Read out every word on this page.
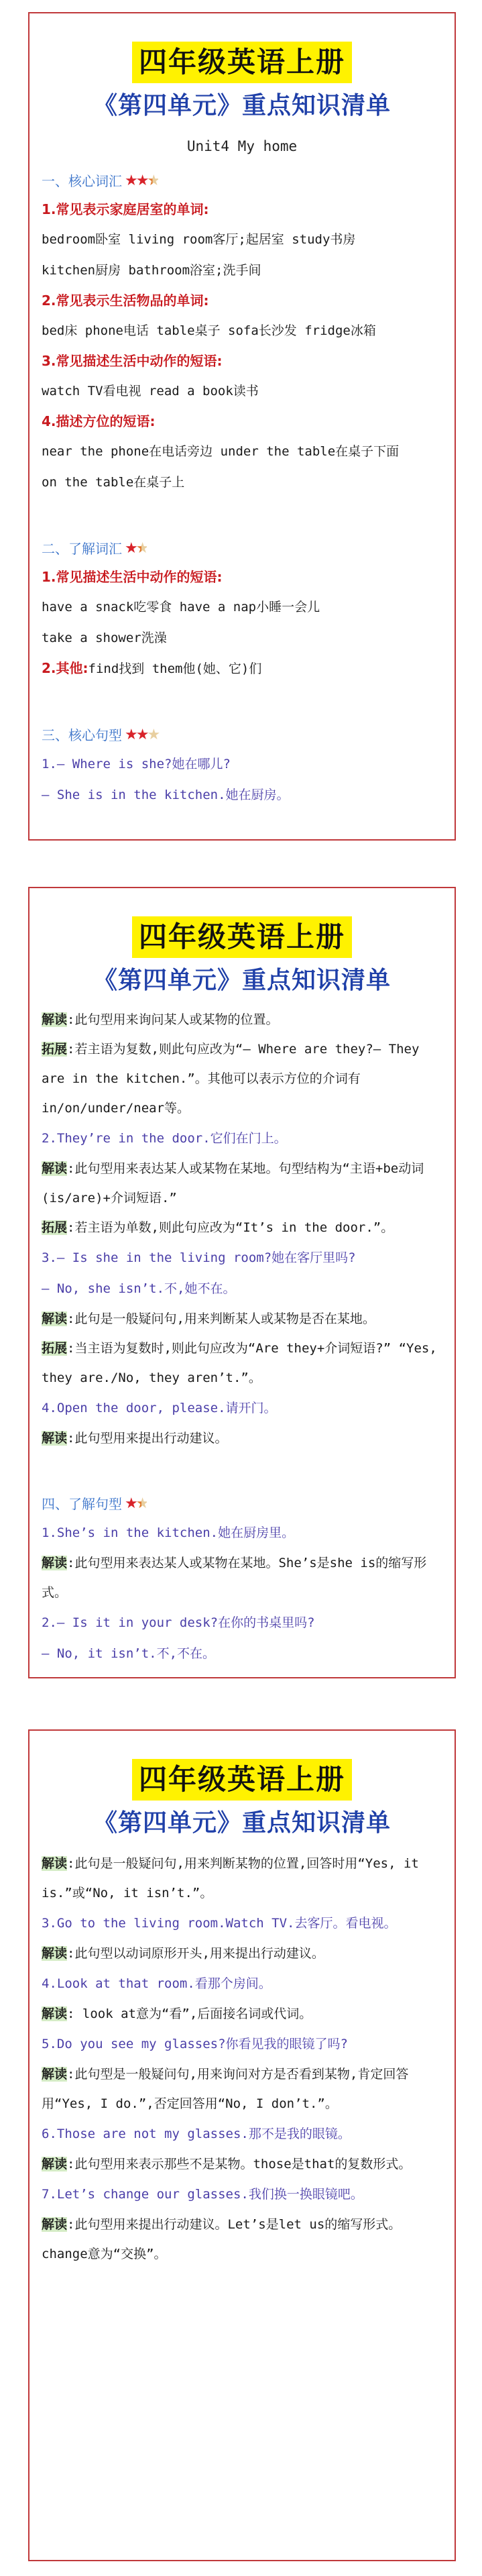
四年级英语上册
《第四单元》重点知识清单
Unit4 My home
一、核心词汇 ★★★
1.常见表示家庭居室的单词:
bedroom卧室 living room客厅;起居室 study书房
kitchen厨房 bathroom浴室;洗手间
2.常见表示生活物品的单词:
bed床 phone电话 table桌子 sofa长沙发 fridge冰箱
3.常见描述生活中动作的短语:
watch TV看电视 read a book读书
4.描述方位的短语:
near the phone在电话旁边 under the table在桌子下面
on the table在桌子上
二、了解词汇 ★★
1.常见描述生活中动作的短语:
have a snack吃零食 have a nap小睡一会儿
take a shower洗澡
2.其他:find找到 them他(她、它)们
三、核心句型 ★★★
1.— Where is she?她在哪儿?
— She is in the kitchen.她在厨房。
四年级英语上册
《第四单元》重点知识清单
解读:此句型用来询问某人或某物的位置。
拓展:若主语为复数,则此句应改为“— Where are they?— They are in the kitchen.”。其他可以表示方位的介词有in/on/under/near等。
2.They’re in the door.它们在门上。
解读:此句型用来表达某人或某物在某地。句型结构为“主语+be动词(is/are)+介词短语.”
拓展:若主语为单数,则此句应改为“It’s in the door.”。
3.— Is she in the living room?她在客厅里吗?
— No, she isn’t.不,她不在。
解读:此句是一般疑问句,用来判断某人或某物是否在某地。
拓展:当主语为复数时,则此句应改为“Are they+介词短语?” “Yes, they are./No, they aren’t.”。
4.Open the door, please.请开门。
解读:此句型用来提出行动建议。
四、了解句型 ★★
1.She’s in the kitchen.她在厨房里。
解读:此句型用来表达某人或某物在某地。She’s是she is的缩写形式。
2.— Is it in your desk?在你的书桌里吗?
— No, it isn’t.不,不在。
四年级英语上册
《第四单元》重点知识清单
解读:此句是一般疑问句,用来判断某物的位置,回答时用“Yes, it is.”或“No, it isn’t.”。
3.Go to the living room.Watch TV.去客厅。看电视。
解读:此句型以动词原形开头,用来提出行动建议。
4.Look at that room.看那个房间。
解读: look at意为“看”,后面接名词或代词。
5.Do you see my glasses?你看见我的眼镜了吗?
解读:此句型是一般疑问句,用来询问对方是否看到某物,肯定回答用“Yes, I do.”,否定回答用“No, I don’t.”。
6.Those are not my glasses.那不是我的眼镜。
解读:此句型用来表示那些不是某物。those是that的复数形式。
7.Let’s change our glasses.我们换一换眼镜吧。
解读:此句型用来提出行动建议。Let’s是let us的缩写形式。change意为“交换”。
